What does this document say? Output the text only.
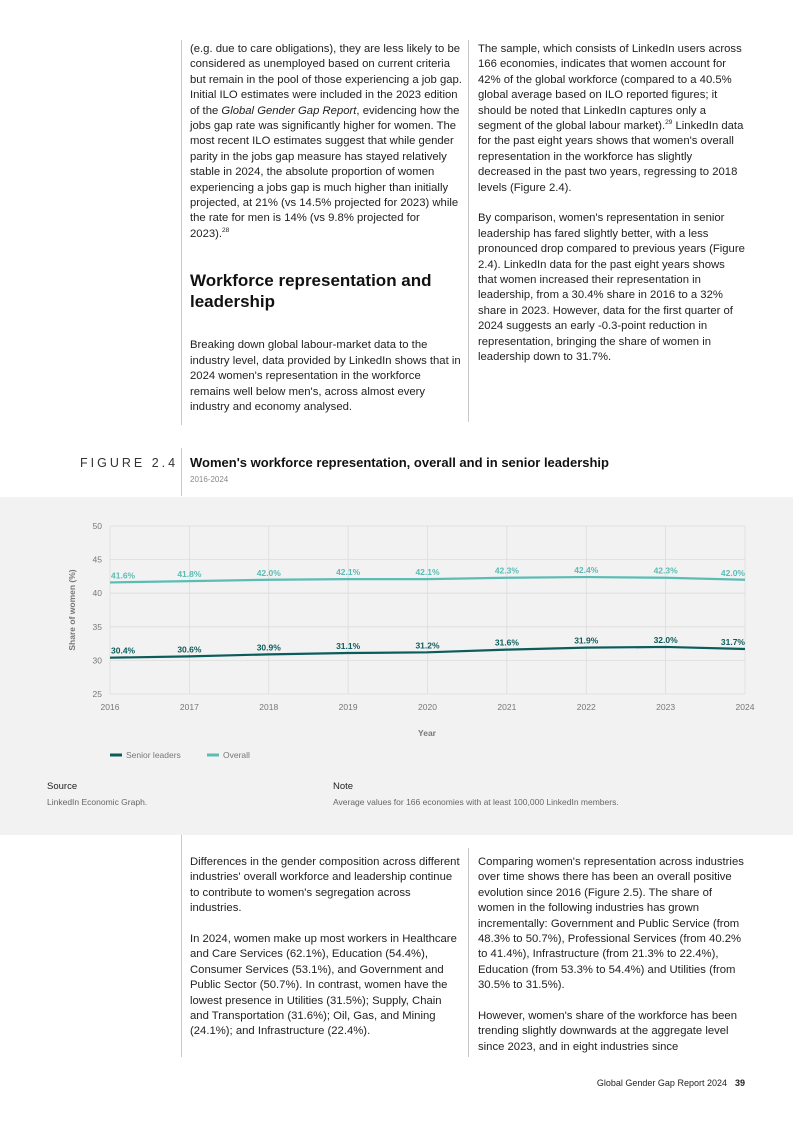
(e.g. due to care obligations), they are less likely to be considered as unemployed based on current criteria but remain in the pool of those experiencing a job gap. Initial ILO estimates were included in the 2023 edition of the Global Gender Gap Report, evidencing how the jobs gap rate was significantly higher for women. The most recent ILO estimates suggest that while gender parity in the jobs gap measure has stayed relatively stable in 2024, the absolute proportion of women experiencing a jobs gap is much higher than initially projected, at 21% (vs 14.5% projected for 2023) while the rate for men is 14% (vs 9.8% projected for 2023).$^{28}$

Workforce representation and leadership

Breaking down global labour-market data to the industry level, data provided by LinkedIn shows that in 2024 women's representation in the workforce remains well below men's, across almost every industry and economy analysed.

The sample, which consists of LinkedIn users across 166 economies, indicates that women account for 42% of the global workforce (compared to a 40.5% global average based on ILO reported figures; it should be noted that LinkedIn captures only a segment of the global labour market).$^{29}$ LinkedIn data for the past eight years shows that women's overall representation in the workforce has slightly decreased in the past two years, regressing to 2018 levels (Figure 2.4).

By comparison, women's representation in senior leadership has fared slightly better, with a less pronounced drop compared to previous years (Figure 2.4). LinkedIn data for the past eight years shows that women increased their representation in leadership, from a 30.4% share in 2016 to a 32% share in 2023. However, data for the first quarter of 2024 suggests an early -0.3-point reduction in representation, bringing the share of women in leadership down to 31.7%.

FIGURE 2.4 Women's workforce representation, overall and in senior leadership
2016-2024
25
30
35
40
45
50
2016	2017	2018	2019	2020	2021	2022	2023	2024
30.4%	30.6%	30.9%	31.1%	31.2%	31.6%	31.9%	32.0%	31.7%
41.6%	41.8%	42.0%	42.1%	42.1%	42.3%	42.4%	42.3%	42.0%
Share of women (%)
Year
Senior leaders	Overall
Source
LinkedIn Economic Graph.
Note
Average values for 166 economies with at least 100,000 LinkedIn members.

Differences in the gender composition across different industries' overall workforce and leadership continue to contribute to women's segregation across industries.

In 2024, women make up most workers in Healthcare and Care Services (62.1%), Education (54.4%), Consumer Services (53.1%), and Government and Public Sector (50.7%). In contrast, women have the lowest presence in Utilities (31.5%); Supply, Chain and Transportation (31.6%); Oil, Gas, and Mining (24.1%); and Infrastructure (22.4%).

Comparing women's representation across industries over time shows there has been an overall positive evolution since 2016 (Figure 2.5). The share of women in the following industries has grown incrementally: Government and Public Service (from 48.3% to 50.7%), Professional Services (from 40.2% to 41.4%), Infrastructure (from 21.3% to 22.4%), Education (from 53.3% to 54.4%) and Utilities (from 30.5% to 31.5%).

However, women's share of the workforce has been trending slightly downwards at the aggregate level since 2023, and in eight industries since

Global Gender Gap Report 2024 39
